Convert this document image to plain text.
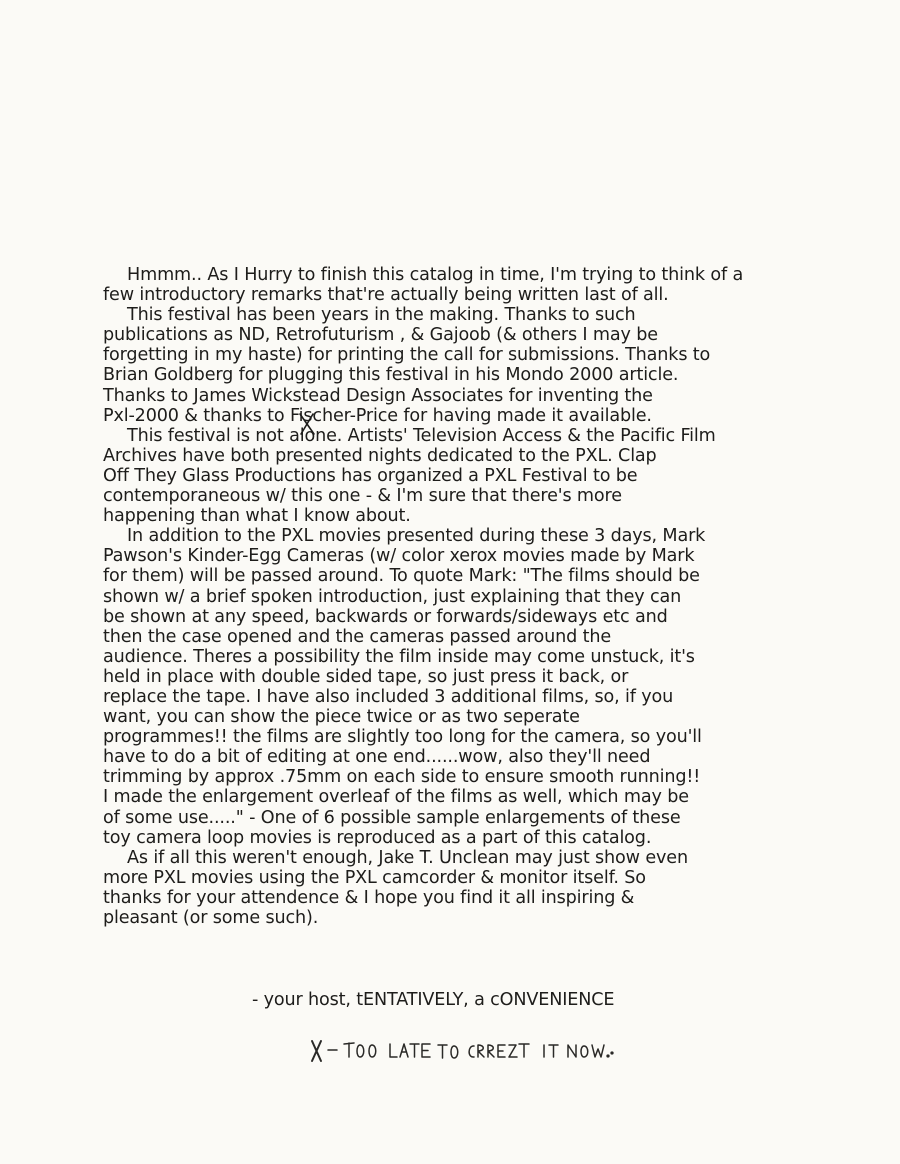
Hmmm.. As I Hurry to finish this catalog in time, I'm trying to think of a
few introductory remarks that're actually being written last of all.

This festival has been years in the making. Thanks to such
publications as ND, Retrofuturism , & Gajoob (& others I may be
forgetting in my haste) for printing the call for submissions. Thanks to
Brian Goldberg for plugging this festival in his Mondo 2000 article.
Thanks to James Wickstead Design Associates for inventing the
Pxl-2000 & thanks to Fischer-Price for having made it available.

This festival is not alone. Artists' Television Access & the Pacific Film
Archives have both presented nights dedicated to the PXL. Clap
Off They Glass Productions has organized a PXL Festival to be
contemporaneous w/ this one - & I'm sure that there's more
happening than what I know about.

In addition to the PXL movies presented during these 3 days, Mark
Pawson's Kinder-Egg Cameras (w/ color xerox movies made by Mark
for them) will be passed around. To quote Mark: "The films should be
shown w/ a brief spoken introduction, just explaining that they can
be shown at any speed, backwards or forwards/sideways etc and
then the case opened and the cameras passed around the
audience. Theres a possibility the film inside may come unstuck, it's
held in place with double sided tape, so just press it back, or
replace the tape. I have also included 3 additional films, so, if you
want, you can show the piece twice or as two seperate
programmes!! the films are slightly too long for the camera, so you'll
have to do a bit of editing at one end......wow, also they'll need
trimming by approx .75mm on each side to ensure smooth running!!
I made the enlargement overleaf of the films as well, which may be
of some use....." - One of 6 possible sample enlargements of these
toy camera loop movies is reproduced as a part of this catalog.

As if all this weren't enough, Jake T. Unclean may just show even
more PXL movies using the PXL camcorder & monitor itself. So
thanks for your attendence & I hope you find it all inspiring &
pleasant (or some such).

- your host, tENTATIVELY, a cONVENIENCE
